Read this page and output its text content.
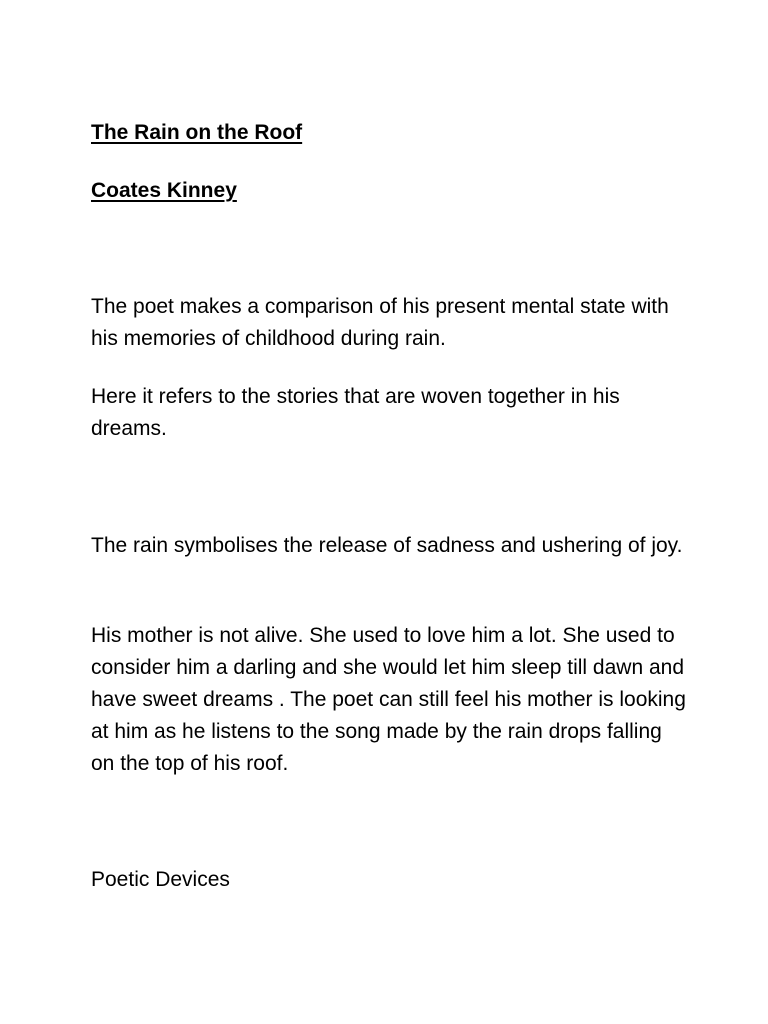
The Rain on the Roof

Coates Kinney

The poet makes a comparison of his present mental state with his memories of childhood during rain.

Here it refers to the stories that are woven together in his dreams.

The rain symbolises the release of sadness and ushering of joy.

His mother is not alive. She used to love him a lot. She used to consider him a darling and she would let him sleep till dawn and have sweet dreams . The poet can still feel his mother is looking at him as he listens to the song made by the rain drops falling on the top of his roof.

Poetic Devices
